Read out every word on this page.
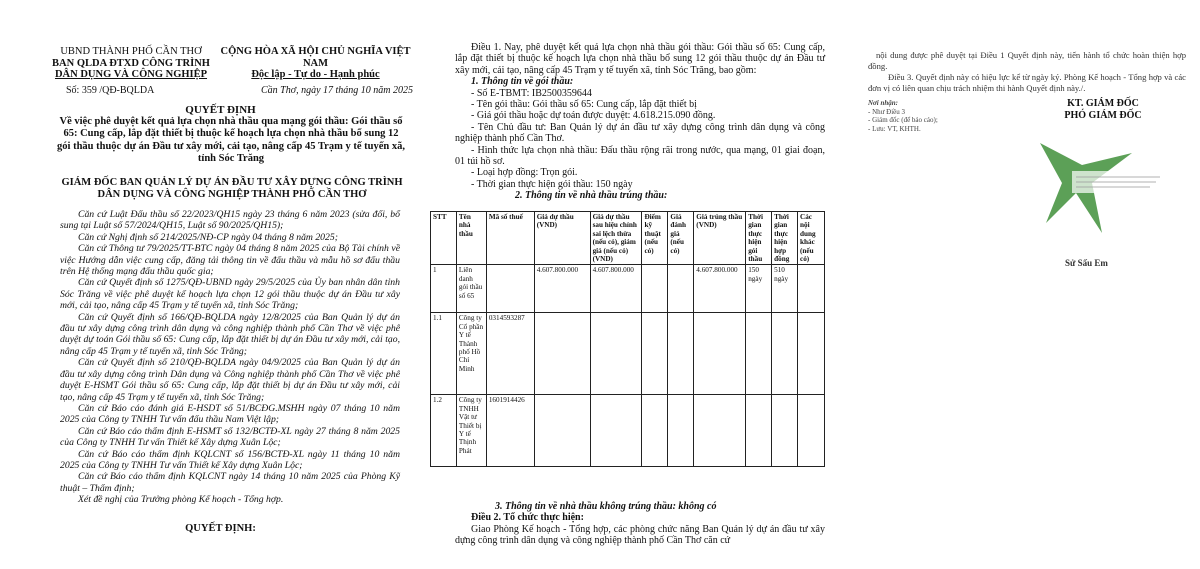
UBND THÀNH PHỐ CẦN THƠ
BAN QLDA ĐTXD CÔNG TRÌNH
DÂN DỤNG VÀ CÔNG NGHIỆP
CỘNG HÒA XÃ HỘI CHỦ NGHĨA VIỆT NAM
Độc lập - Tự do - Hạnh phúc
Số: 359 /QĐ-BQLDA	Cần Thơ, ngày 17 tháng 10 năm 2025
QUYẾT ĐỊNH
Về việc phê duyệt kết quả lựa chọn nhà thầu qua mạng gói thầu: Gói thầu số 65: Cung cấp, lắp đặt thiết bị thuộc kế hoạch lựa chọn nhà thầu bổ sung 12 gói thầu thuộc dự án Đầu tư xây mới, cải tạo, nâng cấp 45 Trạm y tế tuyến xã, tỉnh Sóc Trăng
GIÁM ĐỐC BAN QUẢN LÝ DỰ ÁN ĐẦU TƯ XÂY DỰNG CÔNG TRÌNH DÂN DỤNG VÀ CÔNG NGHIỆP THÀNH PHỐ CẦN THƠ

Căn cứ Luật Đấu thầu số 22/2023/QH15 ngày 23 tháng 6 năm 2023 (sửa đổi, bổ sung tại Luật số 57/2024/QH15, Luật số 90/2025/QH15);

Căn cứ Nghị định số 214/2025/NĐ-CP ngày 04 tháng 8 năm 2025;

Căn cứ Thông tư 79/2025/TT-BTC ngày 04 tháng 8 năm 2025 của Bộ Tài chính về việc Hướng dẫn việc cung cấp, đăng tải thông tin về đấu thầu và mẫu hồ sơ đấu thầu trên Hệ thống mạng đấu thầu quốc gia;

Căn cứ Quyết định số 1275/QĐ-UBND ngày 29/5/2025 của Ủy ban nhân dân tỉnh Sóc Trăng về việc phê duyệt kế hoạch lựa chọn 12 gói thầu thuộc dự án Đầu tư xây mới, cải tạo, nâng cấp 45 Trạm y tế tuyến xã, tỉnh Sóc Trăng;

Căn cứ Quyết định số 166/QĐ-BQLDA ngày 12/8/2025 của Ban Quản lý dự án đầu tư xây dựng công trình dân dụng và công nghiệp thành phố Cần Thơ về việc phê duyệt dự toán Gói thầu số 65: Cung cấp, lắp đặt thiết bị dự án Đầu tư xây mới, cải tạo, nâng cấp 45 Trạm y tế tuyến xã, tỉnh Sóc Trăng;

Căn cứ Quyết định số 210/QĐ-BQLDA ngày 04/9/2025 của Ban Quản lý dự án đầu tư xây dựng công trình Dân dụng và Công nghiệp thành phố Cần Thơ về việc phê duyệt E-HSMT Gói thầu số 65: Cung cấp, lắp đặt thiết bị dự án Đầu tư xây mới, cải tạo, nâng cấp 45 Trạm y tế tuyến xã, tỉnh Sóc Trăng;

Căn cứ Báo cáo đánh giá E-HSDT số 51/BCĐG.MSHH ngày 07 tháng 10 năm 2025 của Công ty TNHH Tư vấn đấu thầu Nam Việt lập;

Căn cứ Báo cáo thẩm định E-HSMT số 132/BCTĐ-XL ngày 27 tháng 8 năm 2025 của Công ty TNHH Tư vấn Thiết kế Xây dựng Xuân Lộc;

Căn cứ Báo cáo thẩm định KQLCNT số 156/BCTĐ-XL ngày 11 tháng 10 năm 2025 của Công ty TNHH Tư vấn Thiết kế Xây dựng Xuân Lộc;

Căn cứ Báo cáo thẩm định KQLCNT ngày 14 tháng 10 năm 2025 của Phòng Kỹ thuật – Thẩm định;

Xét đề nghị của Trưởng phòng Kế hoạch - Tổng hợp.

QUYẾT ĐỊNH:

Điều 1. Nay, phê duyệt kết quả lựa chọn nhà thầu gói thầu: Gói thầu số 65: Cung cấp, lắp đặt thiết bị thuộc kế hoạch lựa chọn nhà thầu bổ sung 12 gói thầu thuộc dự án Đầu tư xây mới, cải tạo, nâng cấp 45 Trạm y tế tuyến xã, tỉnh Sóc Trăng, bao gồm:

1. Thông tin về gói thầu:

- Số E-TBMT: IB2500359644

- Tên gói thầu: Gói thầu số 65: Cung cấp, lắp đặt thiết bị

- Giá gói thầu hoặc dự toán được duyệt: 4.618.215.090 đồng.

- Tên Chủ đầu tư: Ban Quản lý dự án đầu tư xây dựng công trình dân dụng và công nghiệp thành phố Cần Thơ.

- Hình thức lựa chọn nhà thầu: Đấu thầu rộng rãi trong nước, qua mạng, 01 giai đoạn, 01 túi hồ sơ.

- Loại hợp đồng: Trọn gói.

- Thời gian thực hiện gói thầu: 150 ngày

2. Thông tin về nhà thầu trúng thầu:

STT	Tên nhà thầu	Mã số thuế	Giá dự thầu (VND)	Giá dự thầu sau hiệu chỉnh sai lệch thừa (nếu có), giảm giá (nếu có) (VND)	Điểm kỹ thuật (nếu có)	Giá đánh giá (nếu có)	Giá trúng thầu (VND)	Thời gian thực hiện gói thầu	Thời gian thực hiện hợp đồng	Các nội dung khác (nếu có)
1	Liên danh gói thầu số 65		4.607.800.000	4.607.800.000			4.607.800.000	150 ngày	510 ngày	
1.1	Công ty Cổ phần Y tế Thành phố Hồ Chí Minh	0314593287								
1.2	Công ty TNHH Vật tư Thiết bị Y tế Thịnh Phát	1601914426								

3. Thông tin về nhà thầu không trúng thầu: không có

Điều 2. Tổ chức thực hiện:

Giao Phòng Kế hoạch - Tổng hợp, các phòng chức năng Ban Quản lý dự án đầu tư xây dựng công trình dân dụng và công nghiệp thành phố Cần Thơ căn cứ

nội dung được phê duyệt tại Điều 1 Quyết định này, tiến hành tổ chức hoàn thiện hợp đồng.

Điều 3. Quyết định này có hiệu lực kể từ ngày ký. Phòng Kế hoạch - Tổng hợp và các đơn vị có liên quan chịu trách nhiệm thi hành Quyết định này./.

Nơi nhận:
- Như Điều 3
- Giám đốc (để báo cáo);
- Lưu: VT, KHTH.
KT. GIÁM ĐỐC
PHÓ GIÁM ĐỐC
Sử Sấu Em
